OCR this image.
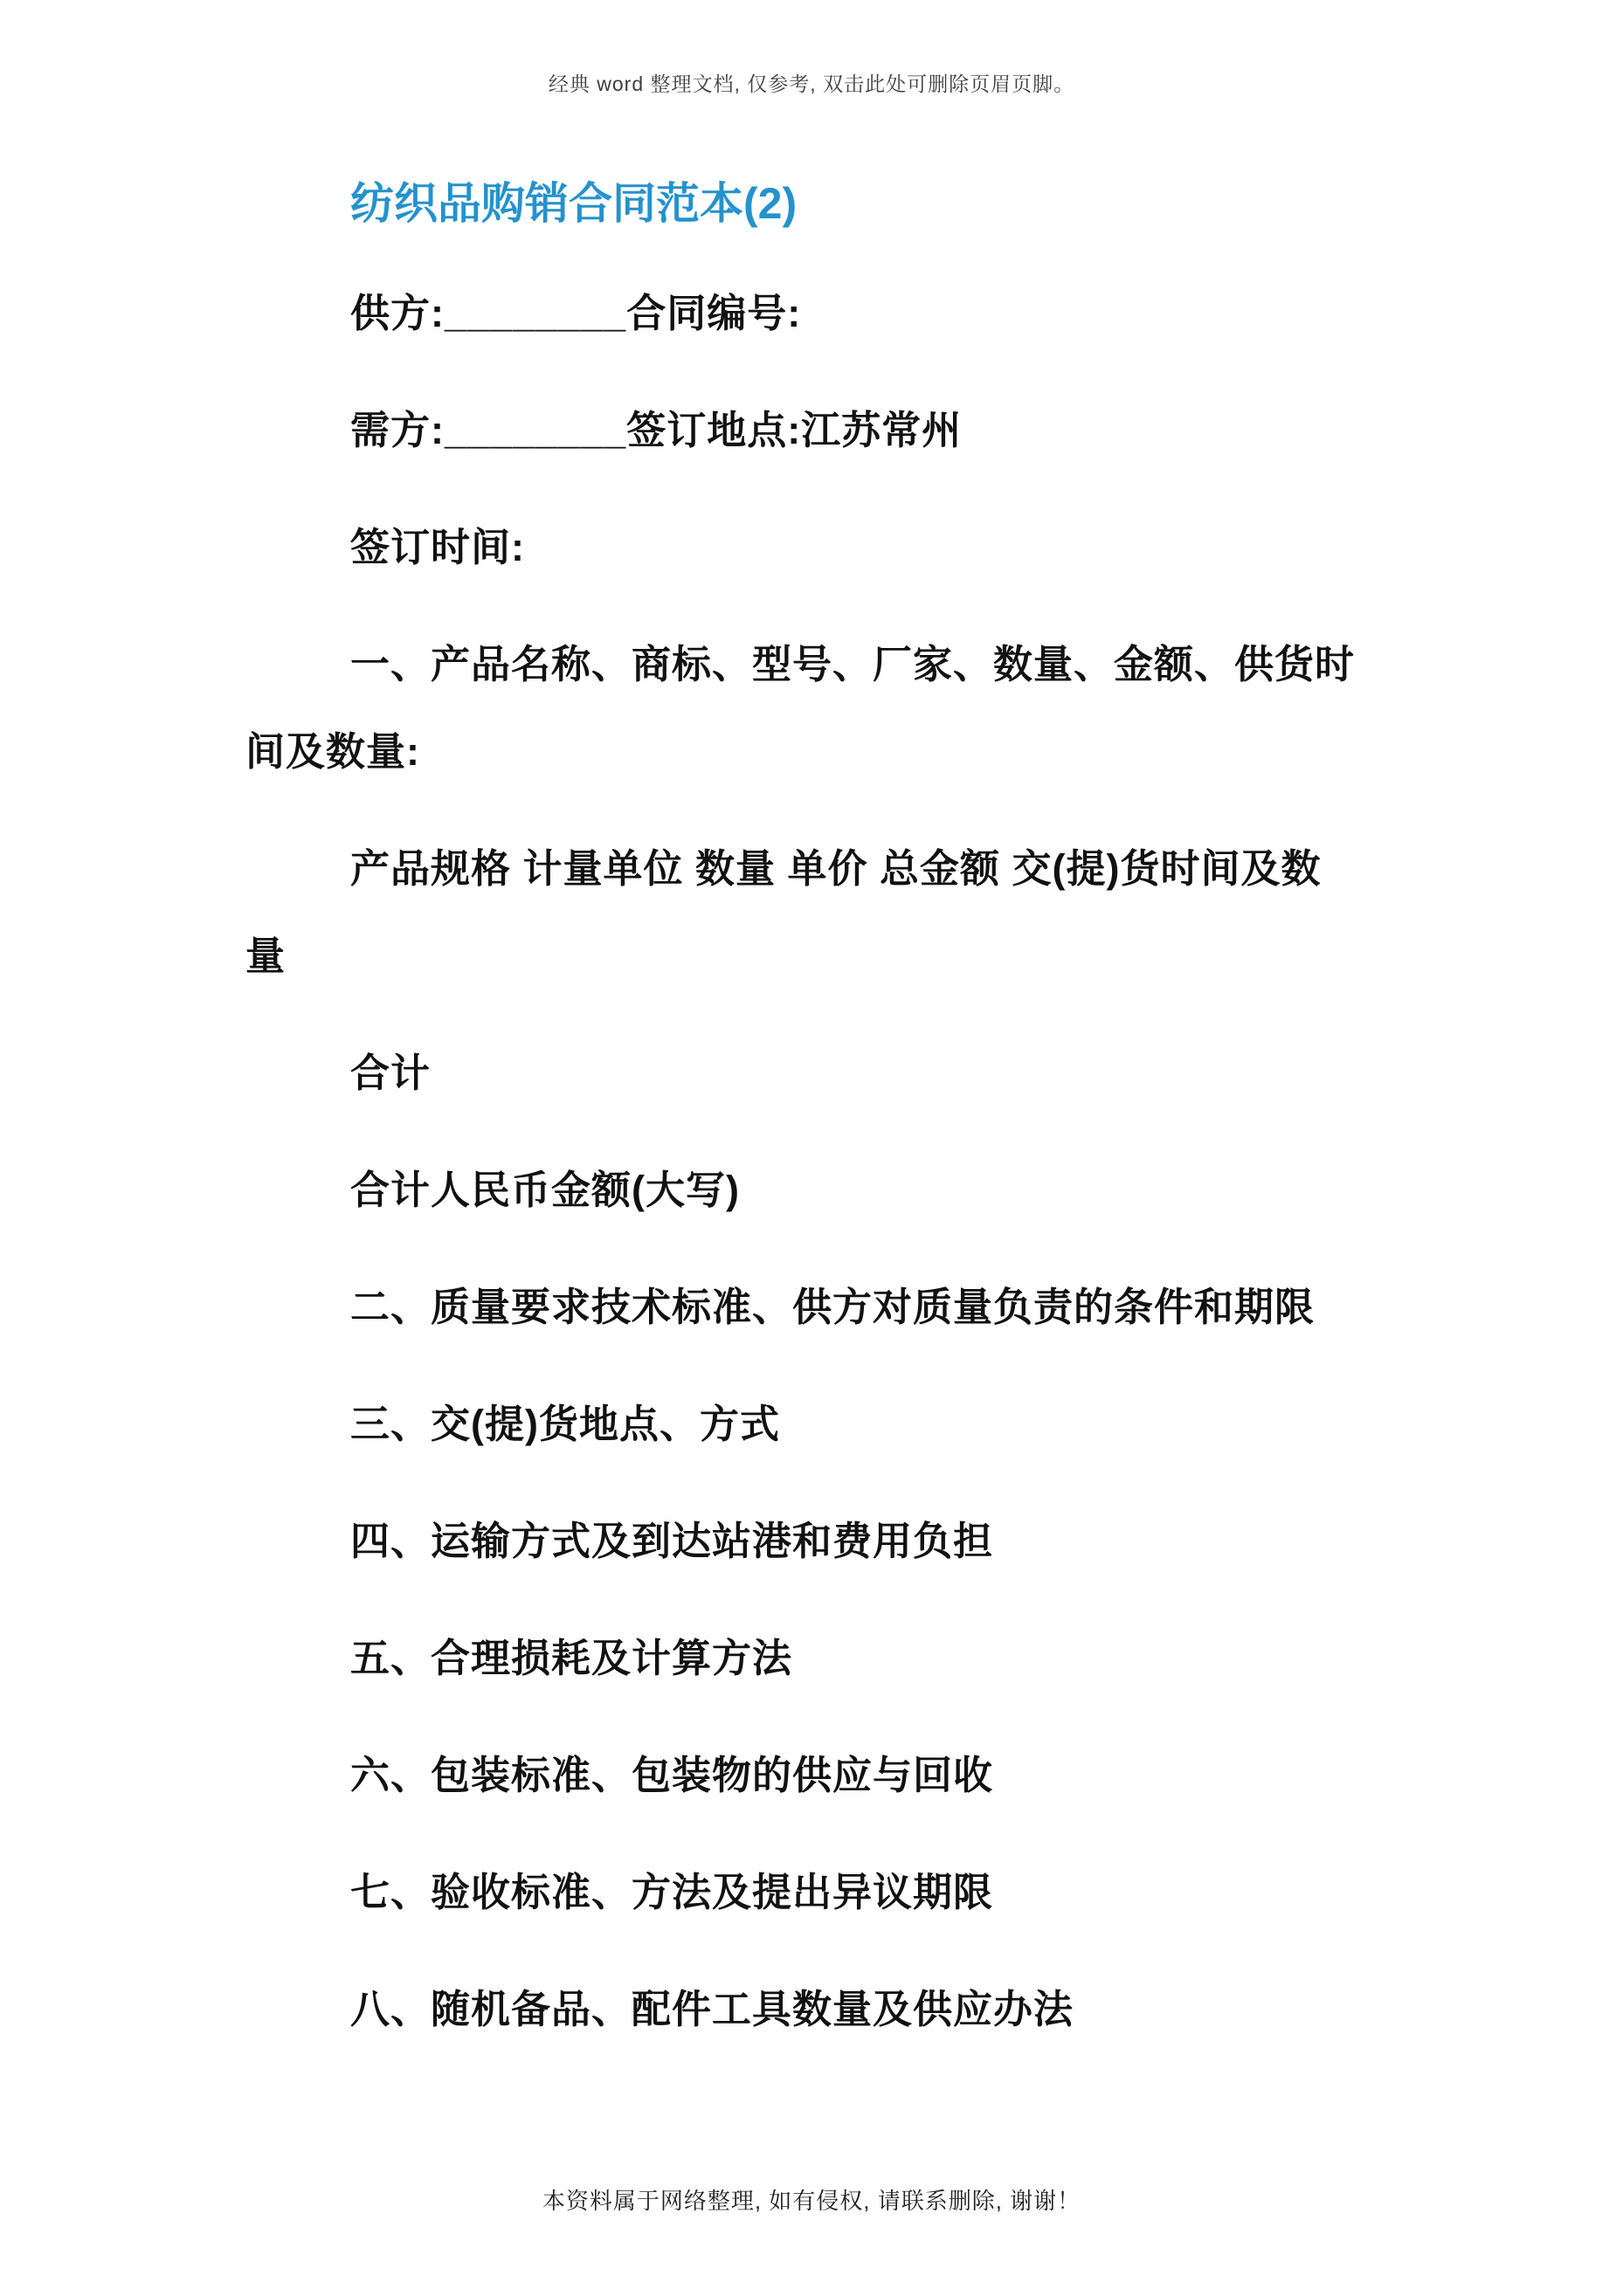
经典 word 整理文档, 仅参考, 双击此处可删除页眉页脚。
纺织品购销合同范本(2)

供方:________合同编号:

需方:________签订地点:江苏常州

签订时间:

一、产品名称、商标、型号、厂家、数量、金额、供货时

间及数量:

产品规格 计量单位 数量 单价 总金额 交(提)货时间及数

量

合计

合计人民币金额(大写)

二、质量要求技术标准、供方对质量负责的条件和期限

三、交(提)货地点、方式

四、运输方式及到达站港和费用负担

五、合理损耗及计算方法

六、包装标准、包装物的供应与回收

七、验收标准、方法及提出异议期限

八、随机备品、配件工具数量及供应办法

本资料属于网络整理, 如有侵权, 请联系删除, 谢谢！
